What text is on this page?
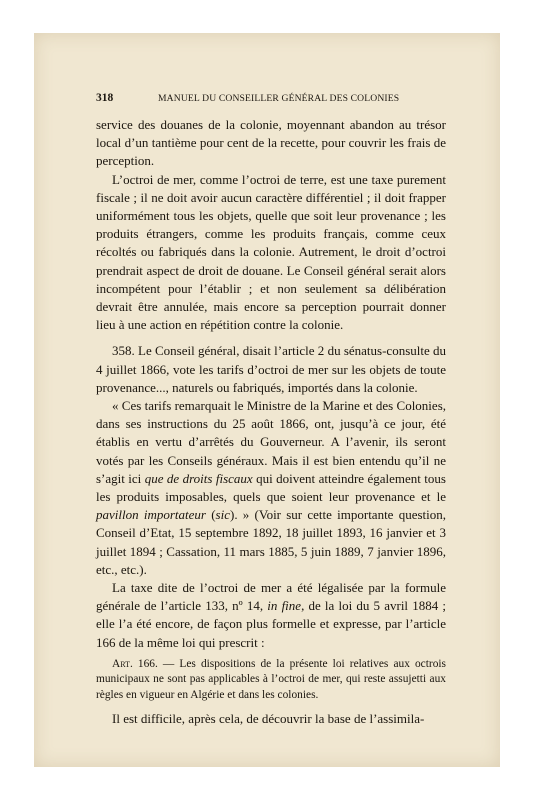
318	MANUEL DU CONSEILLER GÉNÉRAL DES COLONIES

service des douanes de la colonie, moyennant abandon au trésor local d’un tantième pour cent de la recette, pour couvrir les frais de perception.

L’octroi de mer, comme l’octroi de terre, est une taxe purement fiscale ; il ne doit avoir aucun caractère différentiel ; il doit frapper uniformément tous les objets, quelle que soit leur provenance ; les produits étrangers, comme les produits français, comme ceux récoltés ou fabriqués dans la colonie. Autrement, le droit d’octroi prendrait aspect de droit de douane. Le Conseil général serait alors incompétent pour l’établir ; et non seulement sa délibération devrait être annulée, mais encore sa perception pourrait donner lieu à une action en répétition contre la colonie.

358. Le Conseil général, disait l’article 2 du sénatus-consulte du 4 juillet 1866, vote les tarifs d’octroi de mer sur les objets de toute provenance..., naturels ou fabriqués, importés dans la colonie.

« Ces tarifs remarquait le Ministre de la Marine et des Colonies, dans ses instructions du 25 août 1866, ont, jusqu’à ce jour, été établis en vertu d’arrêtés du Gouverneur. A l’avenir, ils seront votés par les Conseils généraux. Mais il est bien entendu qu’il ne s’agit ici que de droits fiscaux qui doivent atteindre également tous les produits imposables, quels que soient leur provenance et le pavillon importateur (sic). » (Voir sur cette importante question, Conseil d’Etat, 15 septembre 1892, 18 juillet 1893, 16 janvier et 3 juillet 1894 ; Cassation, 11 mars 1885, 5 juin 1889, 7 janvier 1896, etc., etc.).

La taxe dite de l’octroi de mer a été légalisée par la formule générale de l’article 133, nº 14, in fine, de la loi du 5 avril 1884 ; elle l’a été encore, de façon plus formelle et expresse, par l’article 166 de la même loi qui prescrit :

Art. 166. — Les dispositions de la présente loi relatives aux octrois municipaux ne sont pas applicables à l’octroi de mer, qui reste assujetti aux règles en vigueur en Algérie et dans les colonies.

Il est difficile, après cela, de découvrir la base de l’assimila-
